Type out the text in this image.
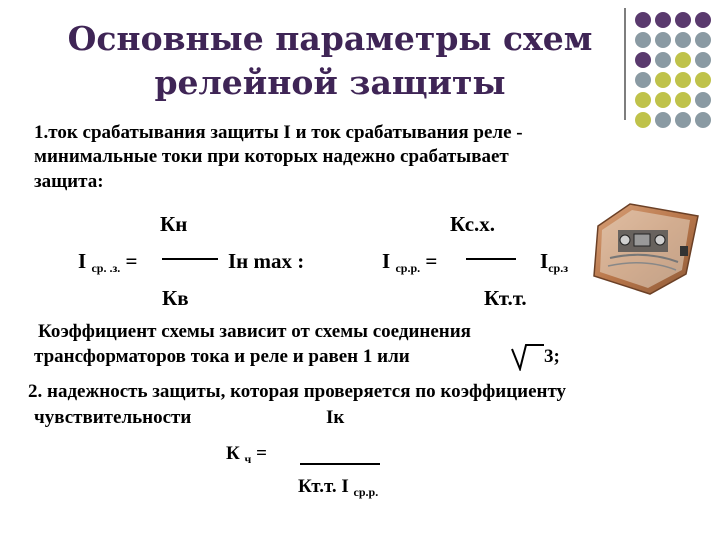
Основные параметры схем
релейной защиты
1.ток срабатывания защиты I и ток срабатывания реле -
минимальные токи при которых надежно срабатывает
защита:
Кн
I ср. .з. =	Iн max :
Кв
Кс.х.
I ср.р. =	Iср.з
Кт.т.
Коэффициент схемы зависит от схемы соединения
трансформаторов тока и реле и равен 1 или	3;
2. надежность защиты, которая проверяется по коэффициенту
чувствительности	Iк
К $_ч$ =
Кт.т. I $_{ср.р.}$
